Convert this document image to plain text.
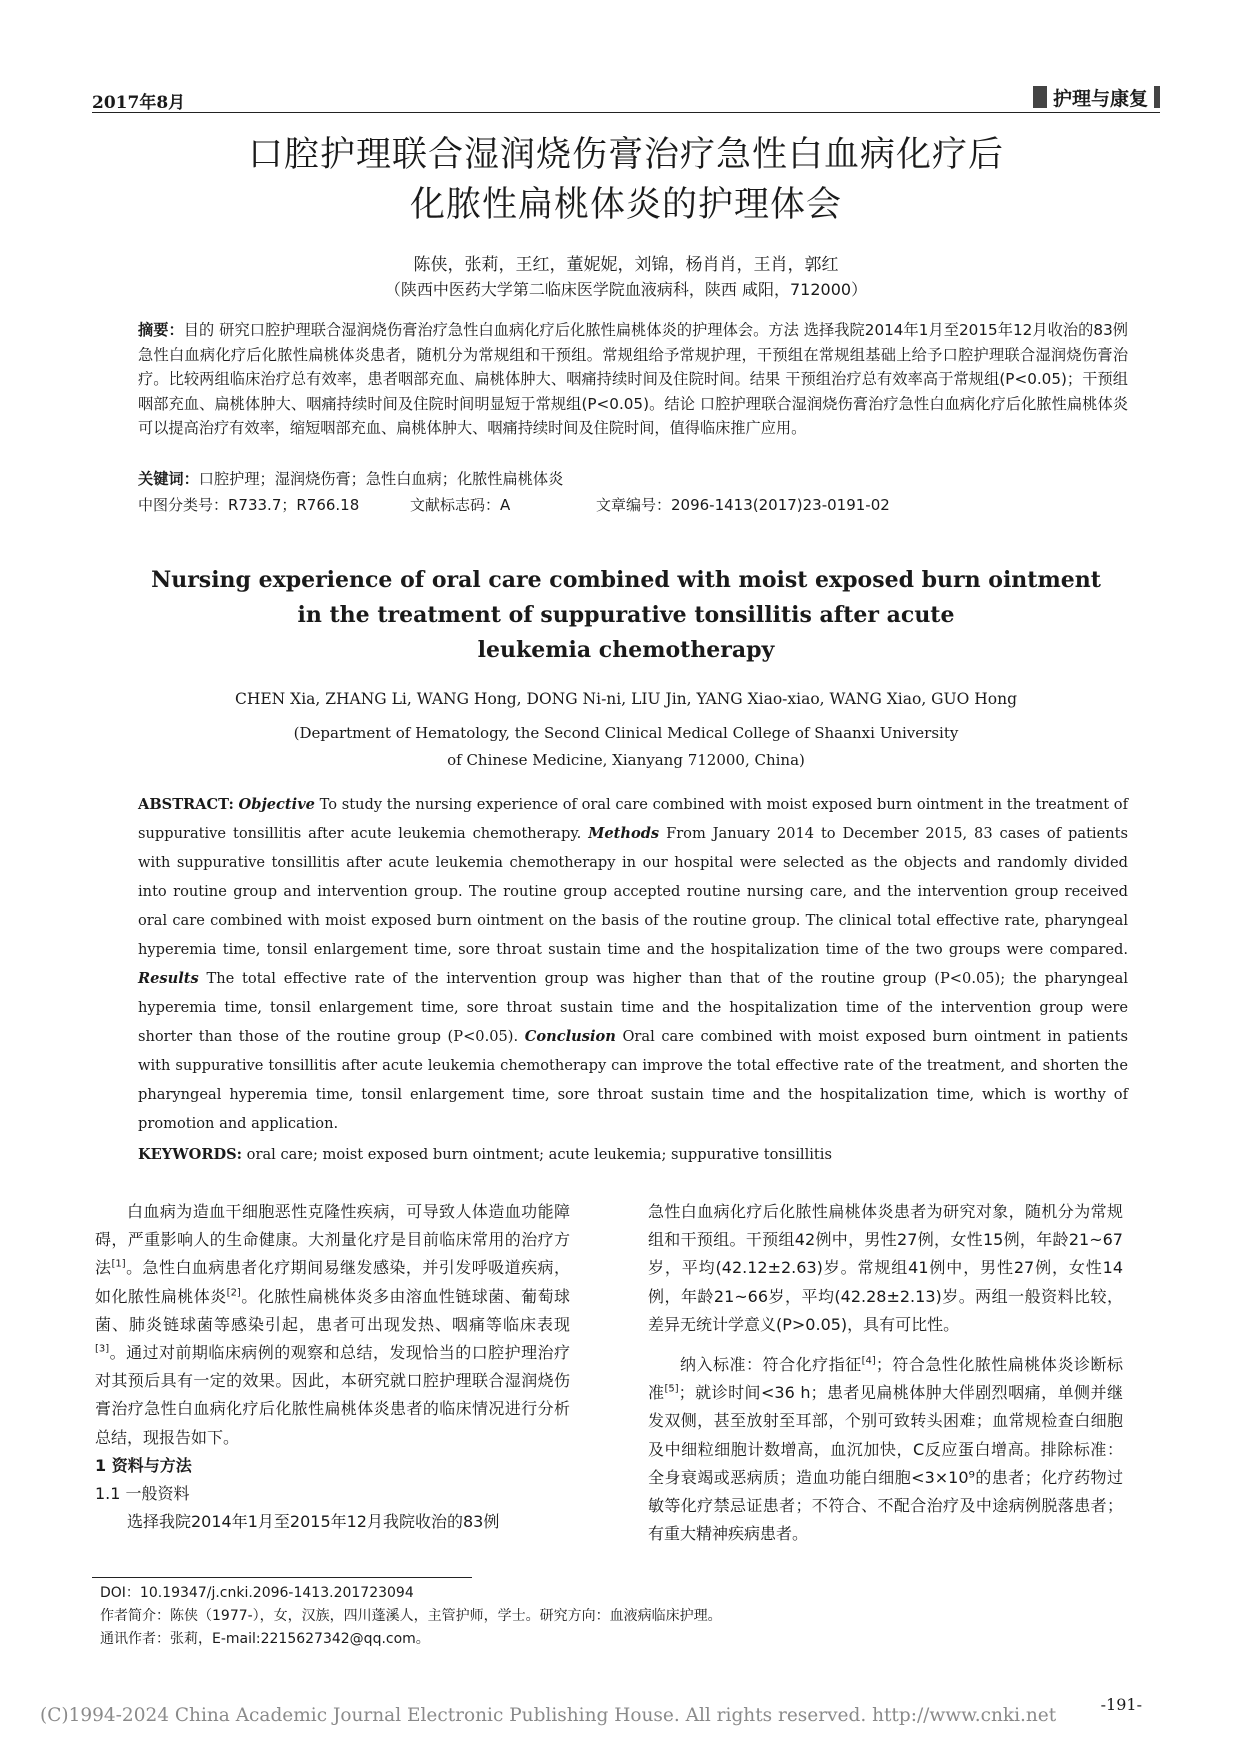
2017年8月	护理与康复
口腔护理联合湿润烧伤膏治疗急性白血病化疗后
化脓性扁桃体炎的护理体会
陈侠，张莉，王红，董妮妮，刘锦，杨肖肖，王肖，郭红
（陕西中医药大学第二临床医学院血液病科，陕西 咸阳，712000）
摘要：目的 研究口腔护理联合湿润烧伤膏治疗急性白血病化疗后化脓性扁桃体炎的护理体会。方法 选择我院2014年1月至2015年12月收治的83例急性白血病化疗后化脓性扁桃体炎患者，随机分为常规组和干预组。常规组给予常规护理，干预组在常规组基础上给予口腔护理联合湿润烧伤膏治疗。比较两组临床治疗总有效率，患者咽部充血、扁桃体肿大、咽痛持续时间及住院时间。结果 干预组治疗总有效率高于常规组(P<0.05)；干预组咽部充血、扁桃体肿大、咽痛持续时间及住院时间明显短于常规组(P<0.05)。结论 口腔护理联合湿润烧伤膏治疗急性白血病化疗后化脓性扁桃体炎可以提高治疗有效率，缩短咽部充血、扁桃体肿大、咽痛持续时间及住院时间，值得临床推广应用。
关键词：口腔护理；湿润烧伤膏；急性白血病；化脓性扁桃体炎
中图分类号：R733.7；R766.18	文献标志码：A	文章编号：2096-1413(2017)23-0191-02
Nursing experience of oral care combined with moist exposed burn ointment
in the treatment of suppurative tonsillitis after acute
leukemia chemotherapy
CHEN Xia, ZHANG Li, WANG Hong, DONG Ni-ni, LIU Jin, YANG Xiao-xiao, WANG Xiao, GUO Hong
(Department of Hematology, the Second Clinical Medical College of Shaanxi University
of Chinese Medicine, Xianyang 712000, China)
ABSTRACT: Objective To study the nursing experience of oral care combined with moist exposed burn ointment in the treatment of suppurative tonsillitis after acute leukemia chemotherapy. Methods From January 2014 to December 2015, 83 cases of patients with suppurative tonsillitis after acute leukemia chemotherapy in our hospital were selected as the objects and randomly divided into routine group and intervention group. The routine group accepted routine nursing care, and the intervention group received oral care combined with moist exposed burn ointment on the basis of the routine group. The clinical total effective rate, pharyngeal hyperemia time, tonsil enlargement time, sore throat sustain time and the hospitalization time of the two groups were compared. Results The total effective rate of the intervention group was higher than that of the routine group (P<0.05); the pharyngeal hyperemia time, tonsil enlargement time, sore throat sustain time and the hospitalization time of the intervention group were shorter than those of the routine group (P<0.05). Conclusion Oral care combined with moist exposed burn ointment in patients with suppurative tonsillitis after acute leukemia chemotherapy can improve the total effective rate of the treatment, and shorten the pharyngeal hyperemia time, tonsil enlargement time, sore throat sustain time and the hospitalization time, which is worthy of promotion and application.
KEYWORDS: oral care; moist exposed burn ointment; acute leukemia; suppurative tonsillitis

白血病为造血干细胞恶性克隆性疾病，可导致人体造血功能障碍，严重影响人的生命健康。大剂量化疗是目前临床常用的治疗方法[1]。急性白血病患者化疗期间易继发感染，并引发呼吸道疾病，如化脓性扁桃体炎[2]。化脓性扁桃体炎多由溶血性链球菌、葡萄球菌、肺炎链球菌等感染引起，患者可出现发热、咽痛等临床表现[3]。通过对前期临床病例的观察和总结，发现恰当的口腔护理治疗对其预后具有一定的效果。因此，本研究就口腔护理联合湿润烧伤膏治疗急性白血病化疗后化脓性扁桃体炎患者的临床情况进行分析总结，现报告如下。

1 资料与方法
1.1 一般资料

选择我院2014年1月至2015年12月我院收治的83例

急性白血病化疗后化脓性扁桃体炎患者为研究对象，随机分为常规组和干预组。干预组42例中，男性27例，女性15例，年龄21~67岁，平均(42.12±2.63)岁。常规组41例中，男性27例，女性14例，年龄21~66岁，平均(42.28±2.13)岁。两组一般资料比较，差异无统计学意义(P>0.05)，具有可比性。

纳入标准：符合化疗指征[4]；符合急性化脓性扁桃体炎诊断标准[5]；就诊时间<36 h；患者见扁桃体肿大伴剧烈咽痛，单侧并继发双侧，甚至放射至耳部，个别可致转头困难；血常规检查白细胞及中细粒细胞计数增高，血沉加快，C反应蛋白增高。排除标准：全身衰竭或恶病质；造血功能白细胞<3×10⁹的患者；化疗药物过敏等化疗禁忌证患者；不符合、不配合治疗及中途病例脱落患者；有重大精神疾病患者。

DOI：10.19347/j.cnki.2096-1413.201723094
作者简介：陈侠（1977-），女，汉族，四川蓬溪人，主管护师，学士。研究方向：血液病临床护理。
通讯作者：张莉，E-mail:2215627342@qq.com。
-191-
(C)1994-2024 China Academic Journal Electronic Publishing House. All rights reserved. http://www.cnki.net
